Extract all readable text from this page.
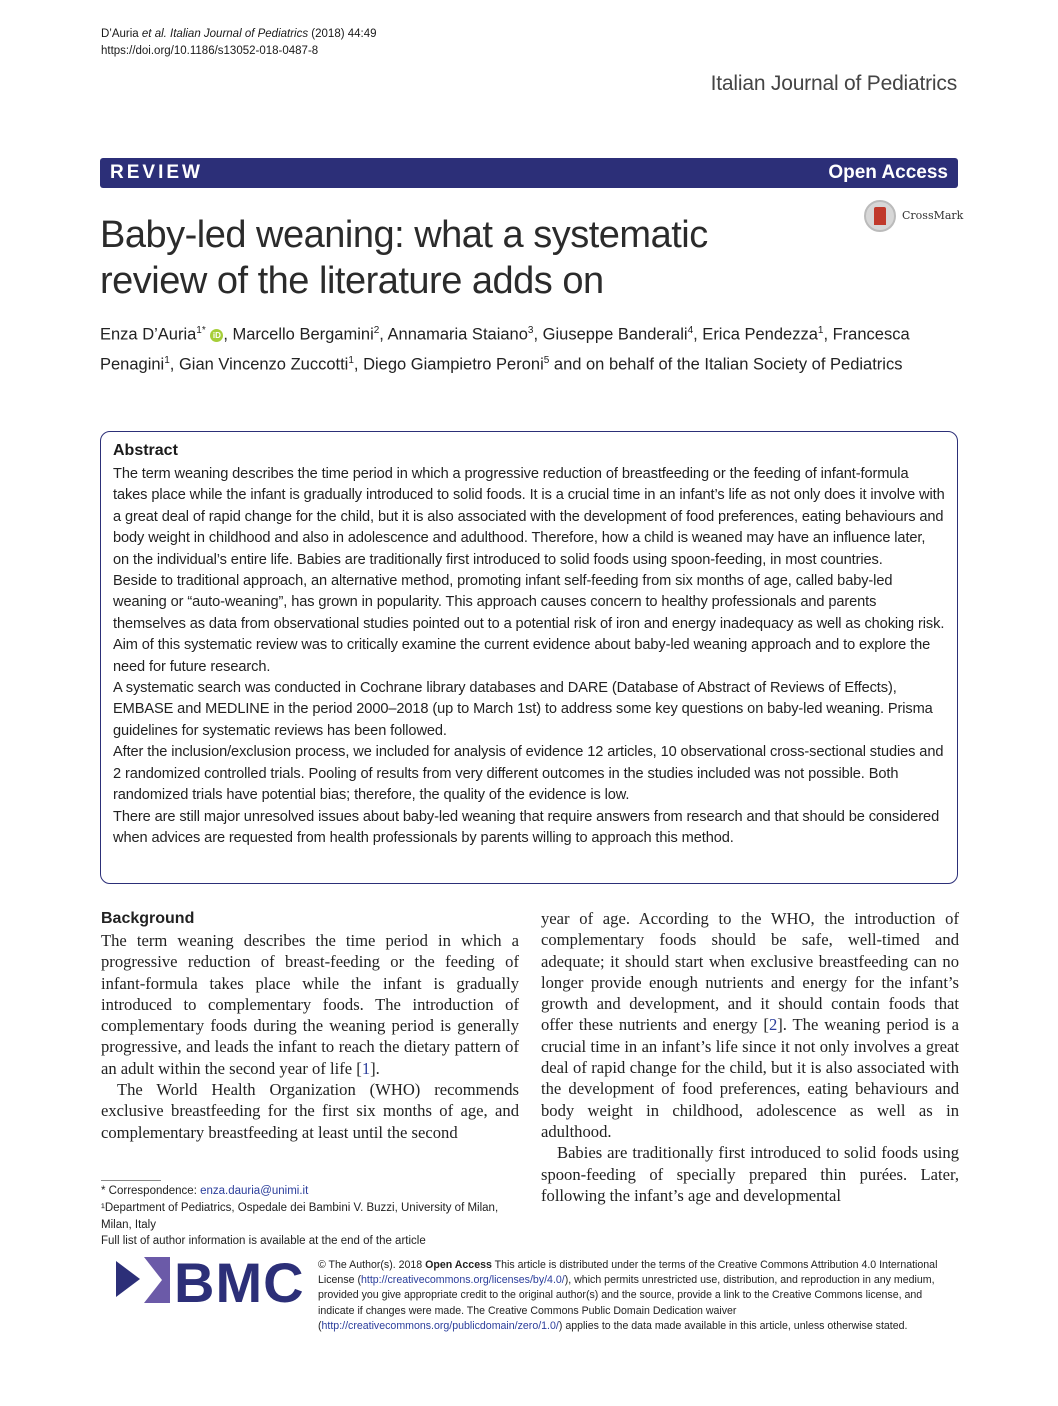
D’Auria et al. Italian Journal of Pediatrics (2018) 44:49
https://doi.org/10.1186/s13052-018-0487-8
Italian Journal of Pediatrics
REVIEW	Open Access
Baby-led weaning: what a systematic review of the literature adds on
CrossMark
Enza D’Auria$^{1*}$ iD , Marcello Bergamini$^2$, Annamaria Staiano$^3$, Giuseppe Banderali$^4$, Erica Pendezza$^1$, Francesca Penagini$^1$, Gian Vincenzo Zuccotti$^1$, Diego Giampietro Peroni$^5$ and on behalf of the Italian Society of Pediatrics
Abstract

The term weaning describes the time period in which a progressive reduction of breastfeeding or the feeding of infant-formula takes place while the infant is gradually introduced to solid foods. It is a crucial time in an infant’s life as not only does it involve with a great deal of rapid change for the child, but it is also associated with the development of food preferences, eating behaviours and body weight in childhood and also in adolescence and adulthood. Therefore, how a child is weaned may have an influence later, on the individual’s entire life. Babies are traditionally first introduced to solid foods using spoon-feeding, in most countries.

Beside to traditional approach, an alternative method, promoting infant self-feeding from six months of age, called baby-led weaning or “auto-weaning”, has grown in popularity. This approach causes concern to healthy professionals and parents themselves as data from observational studies pointed out to a potential risk of iron and energy inadequacy as well as choking risk. Aim of this systematic review was to critically examine the current evidence about baby-led weaning approach and to explore the need for future research.

A systematic search was conducted in Cochrane library databases and DARE (Database of Abstract of Reviews of Effects), EMBASE and MEDLINE in the period 2000–2018 (up to March 1st) to address some key questions on baby-led weaning. Prisma guidelines for systematic reviews has been followed.

After the inclusion/exclusion process, we included for analysis of evidence 12 articles, 10 observational cross-sectional studies and 2 randomized controlled trials. Pooling of results from very different outcomes in the studies included was not possible. Both randomized trials have potential bias; therefore, the quality of the evidence is low.

There are still major unresolved issues about baby-led weaning that require answers from research and that should be considered when advices are requested from health professionals by parents willing to approach this method.

Background

The term weaning describes the time period in which a progressive reduction of breast-feeding or the feeding of infant-formula takes place while the infant is gradually introduced to complementary foods. The introduction of complementary foods during the weaning period is generally progressive, and leads the infant to reach the dietary pattern of an adult within the second year of life [1].

The World Health Organization (WHO) recommends exclusive breastfeeding for the first six months of age, and complementary breastfeeding at least until the second

year of age. According to the WHO, the introduction of complementary foods should be safe, well-timed and adequate; it should start when exclusive breastfeeding can no longer provide enough nutrients and energy for the infant’s growth and development, and it should contain foods that offer these nutrients and energy [2]. The weaning period is a crucial time in an infant’s life since it not only involves a great deal of rapid change for the child, but it is also associated with the development of food preferences, eating behaviours and body weight in childhood, adolescence as well as in adulthood.

Babies are traditionally first introduced to solid foods using spoon-feeding of specially prepared thin purées. Later, following the infant’s age and developmental

* Correspondence: enza.dauria@unimi.it
¹Department of Pediatrics, Ospedale dei Bambini V. Buzzi, University of Milan, Milan, Italy
Full list of author information is available at the end of the article
BMC © The Author(s). 2018 Open Access This article is distributed under the terms of the Creative Commons Attribution 4.0 International License (http://creativecommons.org/licenses/by/4.0/), which permits unrestricted use, distribution, and reproduction in any medium, provided you give appropriate credit to the original author(s) and the source, provide a link to the Creative Commons license, and indicate if changes were made. The Creative Commons Public Domain Dedication waiver (http://creativecommons.org/publicdomain/zero/1.0/) applies to the data made available in this article, unless otherwise stated.
